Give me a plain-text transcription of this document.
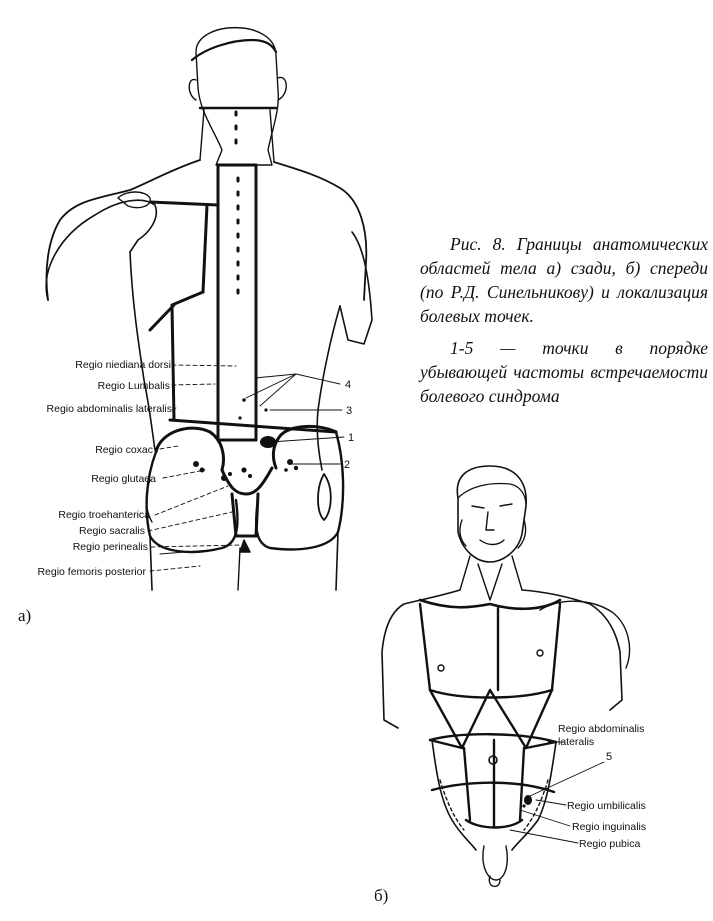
Regio niediana dorsi
Regio Lumbalis
Regio abdominalis lateralis
Regio coxac
Regio glutaea
Regio troehanterica
Regio sacralis
Regio perinealis
Regio femoris posterior
4
3
1
2
Regio abdominalis lateralis
Regio umbilicalis
Regio inguinalis
Regio pubica
5

Рис. 8. Границы анатомических областей тела а) сзади, б) спереди (по Р.Д. Синельникову) и локализация болевых точек.

1-5 — точки в порядке убывающей частоты встречаемости болевого синдрома

а)
б)
